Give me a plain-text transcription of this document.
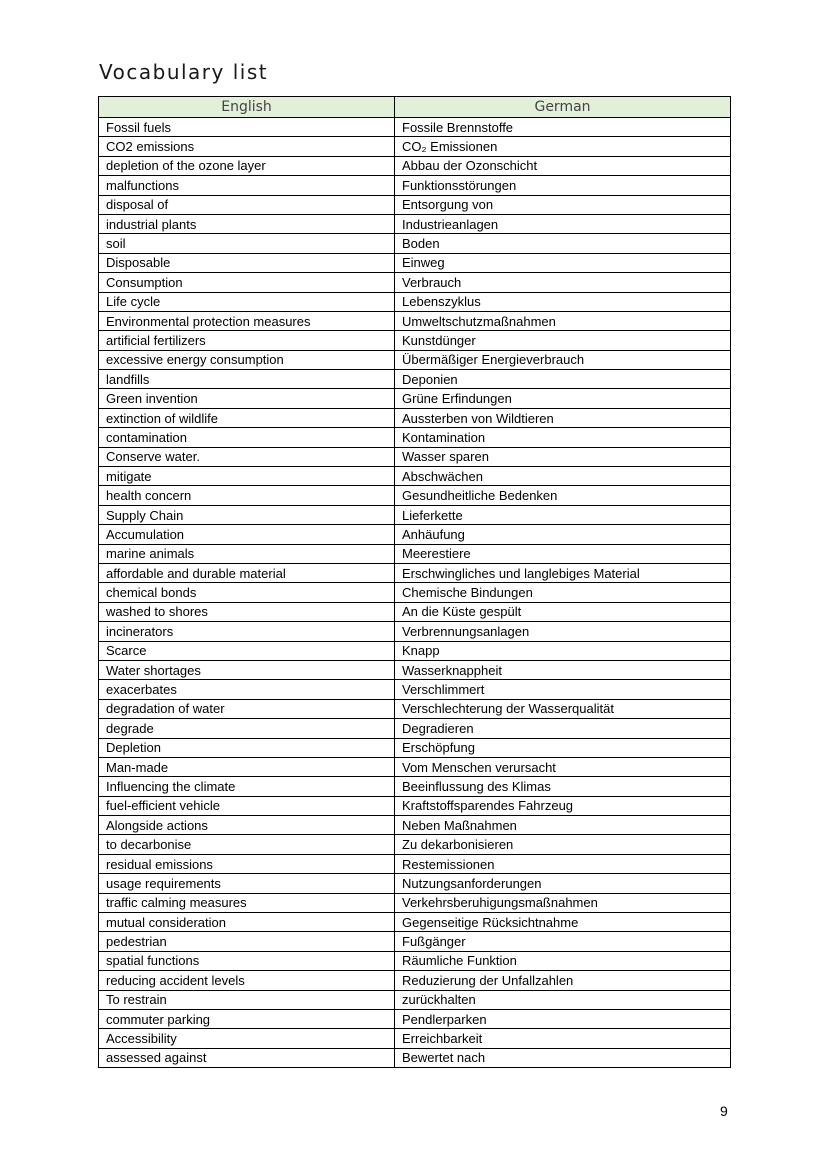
Vocabulary list
English	German
Fossil fuels	Fossile Brennstoffe
CO2 emissions	CO₂ Emissionen
depletion of the ozone layer	Abbau der Ozonschicht
malfunctions	Funktionsstörungen
disposal of	Entsorgung von
industrial plants	Industrieanlagen
soil	Boden
Disposable	Einweg
Consumption	Verbrauch
Life cycle	Lebenszyklus
Environmental protection measures	Umweltschutzmaßnahmen
artificial fertilizers	Kunstdünger
excessive energy consumption	Übermäßiger Energieverbrauch
landfills	Deponien
Green invention	Grüne Erfindungen
extinction of wildlife	Aussterben von Wildtieren
contamination	Kontamination
Conserve water.	Wasser sparen
mitigate	Abschwächen
health concern	Gesundheitliche Bedenken
Supply Chain	Lieferkette
Accumulation	Anhäufung
marine animals	Meerestiere
affordable and durable material	Erschwingliches und langlebiges Material
chemical bonds	Chemische Bindungen
washed to shores	An die Küste gespült
incinerators	Verbrennungsanlagen
Scarce	Knapp
Water shortages	Wasserknappheit
exacerbates	Verschlimmert
degradation of water	Verschlechterung der Wasserqualität
degrade	Degradieren
Depletion	Erschöpfung
Man-made	Vom Menschen verursacht
Influencing the climate	Beeinflussung des Klimas
fuel-efficient vehicle	Kraftstoffsparendes Fahrzeug
Alongside actions	Neben Maßnahmen
to decarbonise	Zu dekarbonisieren
residual emissions	Restemissionen
usage requirements	Nutzungsanforderungen
traffic calming measures	Verkehrsberuhigungsmaßnahmen
mutual consideration	Gegenseitige Rücksichtnahme
pedestrian	Fußgänger
spatial functions	Räumliche Funktion
reducing accident levels	Reduzierung der Unfallzahlen
To restrain	zurückhalten
commuter parking	Pendlerparken
Accessibility	Erreichbarkeit
assessed against	Bewertet nach
9
